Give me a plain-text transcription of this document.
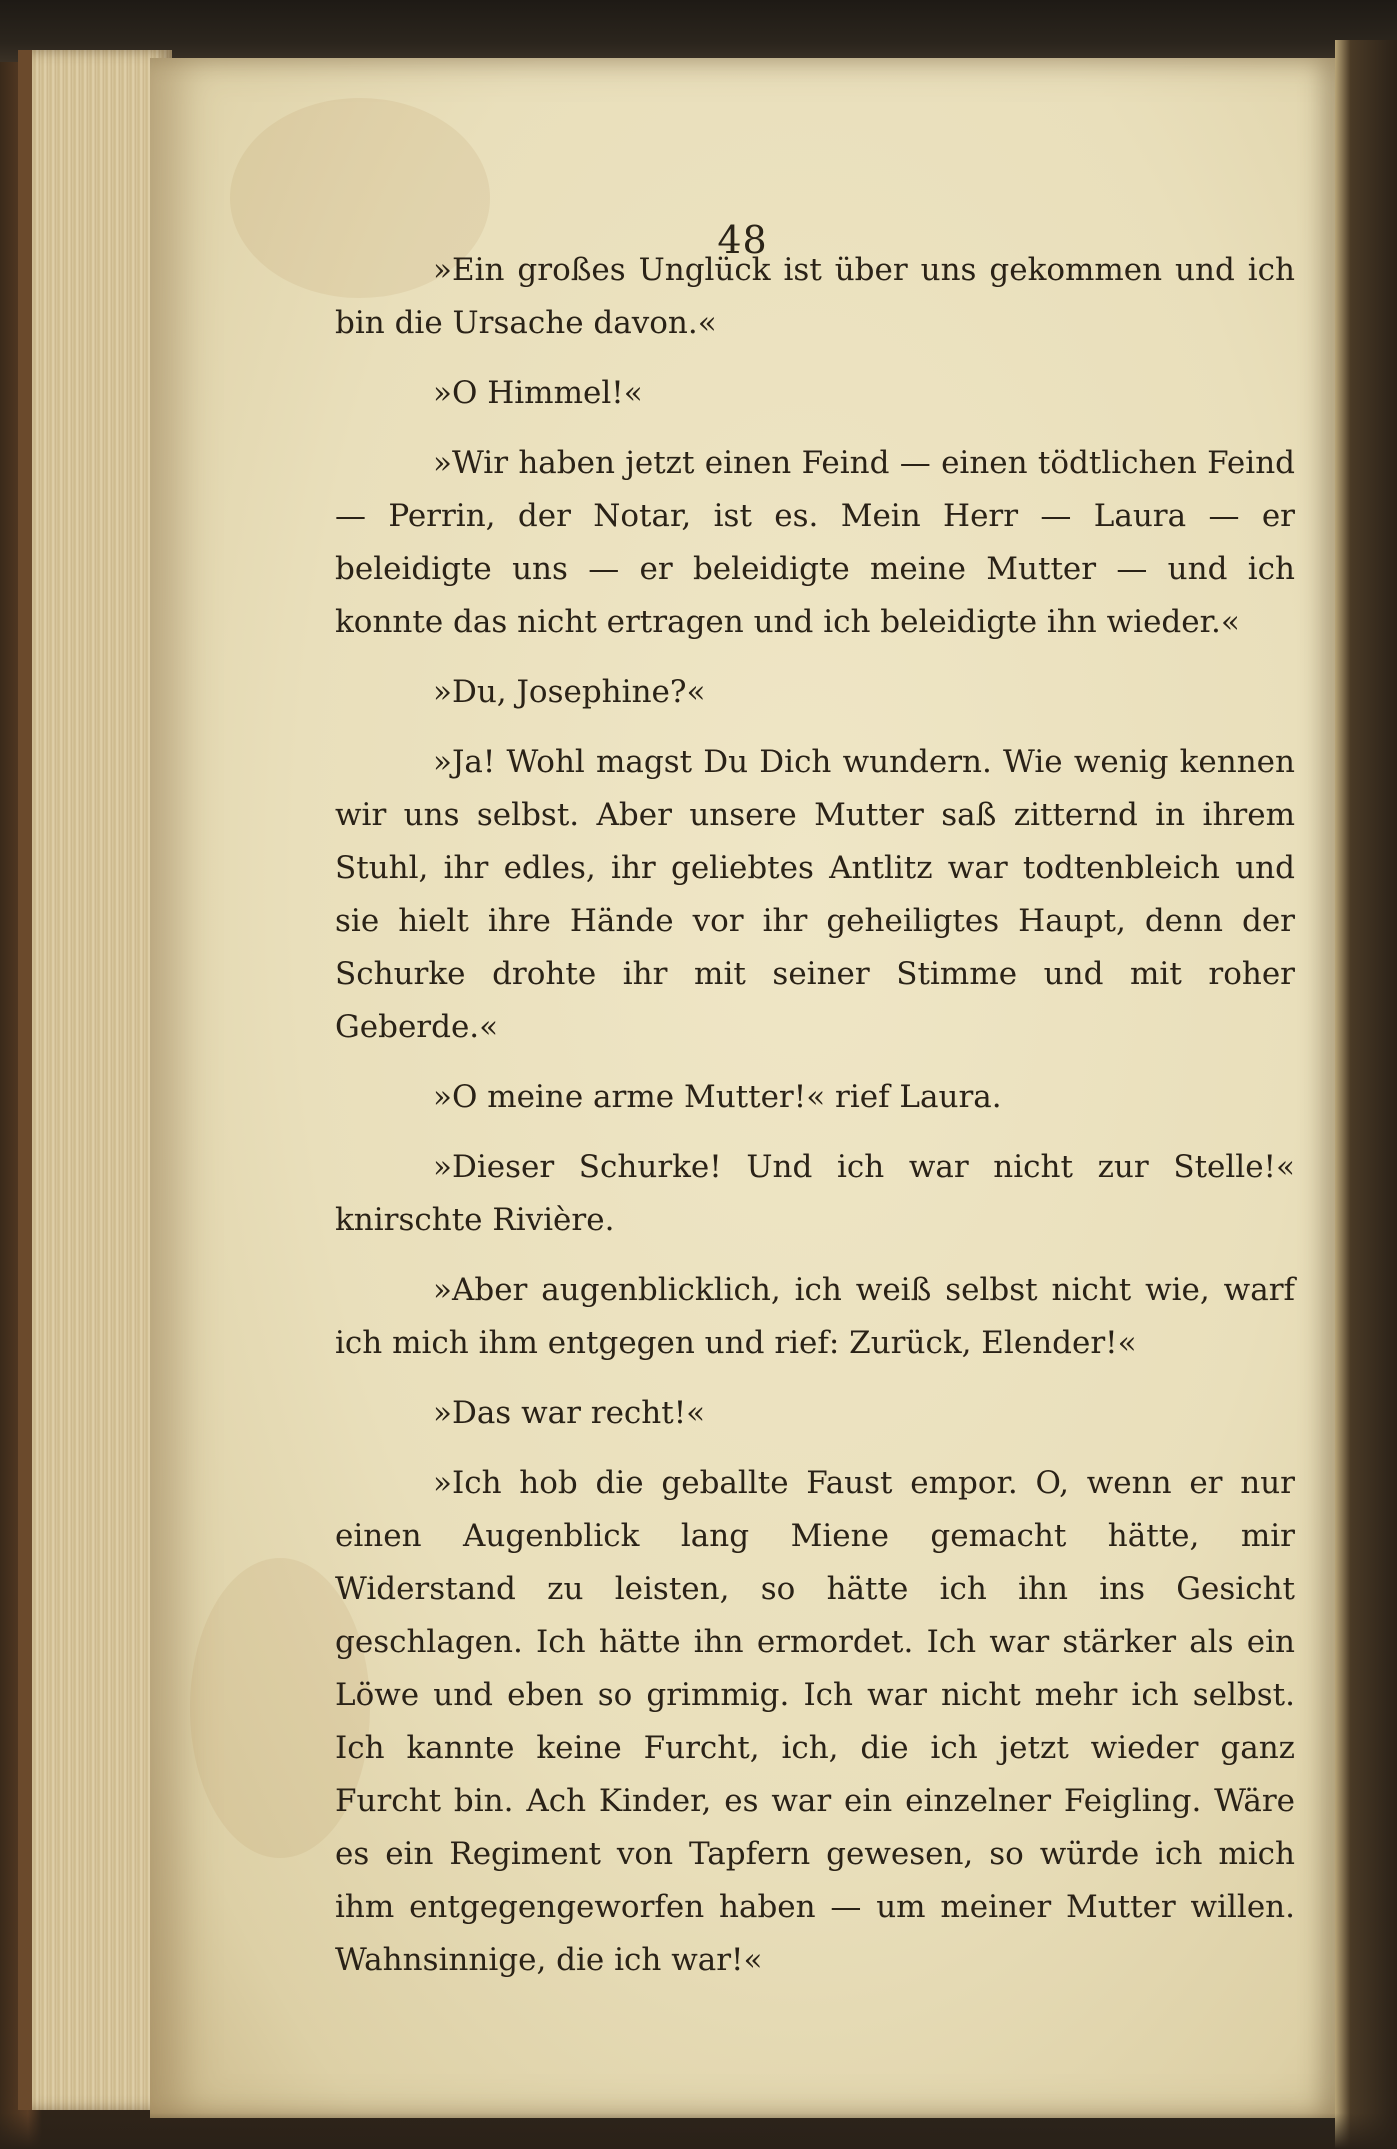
48

»Ein großes Unglück ist über uns gekommen und ich bin die Ursache davon.«

»O Himmel!«

»Wir haben jetzt einen Feind — einen tödtlichen Feind — Perrin, der Notar, ist es. Mein Herr — Laura — er beleidigte uns — er beleidigte meine Mutter — und ich konnte das nicht ertragen und ich beleidigte ihn wieder.«

»Du, Josephine?«

»Ja! Wohl magst Du Dich wundern. Wie wenig kennen wir uns selbst. Aber unsere Mutter saß zitternd in ihrem Stuhl, ihr edles, ihr geliebtes Antlitz war todtenbleich und sie hielt ihre Hände vor ihr geheiligtes Haupt, denn der Schurke drohte ihr mit seiner Stimme und mit roher Geberde.«

»O meine arme Mutter!« rief Laura.

»Dieser Schurke! Und ich war nicht zur Stelle!« knirschte Rivière.

»Aber augenblicklich, ich weiß selbst nicht wie, warf ich mich ihm entgegen und rief: Zurück, Elender!«

»Das war recht!«

»Ich hob die geballte Faust empor. O, wenn er nur einen Augenblick lang Miene gemacht hätte, mir Widerstand zu leisten, so hätte ich ihn ins Gesicht geschlagen. Ich hätte ihn ermordet. Ich war stärker als ein Löwe und eben so grimmig. Ich war nicht mehr ich selbst. Ich kannte keine Furcht, ich, die ich jetzt wieder ganz Furcht bin. Ach Kinder, es war ein einzelner Feigling. Wäre es ein Regiment von Tapfern gewesen, so würde ich mich ihm entgegengeworfen haben — um meiner Mutter willen. Wahnsinnige, die ich war!«
